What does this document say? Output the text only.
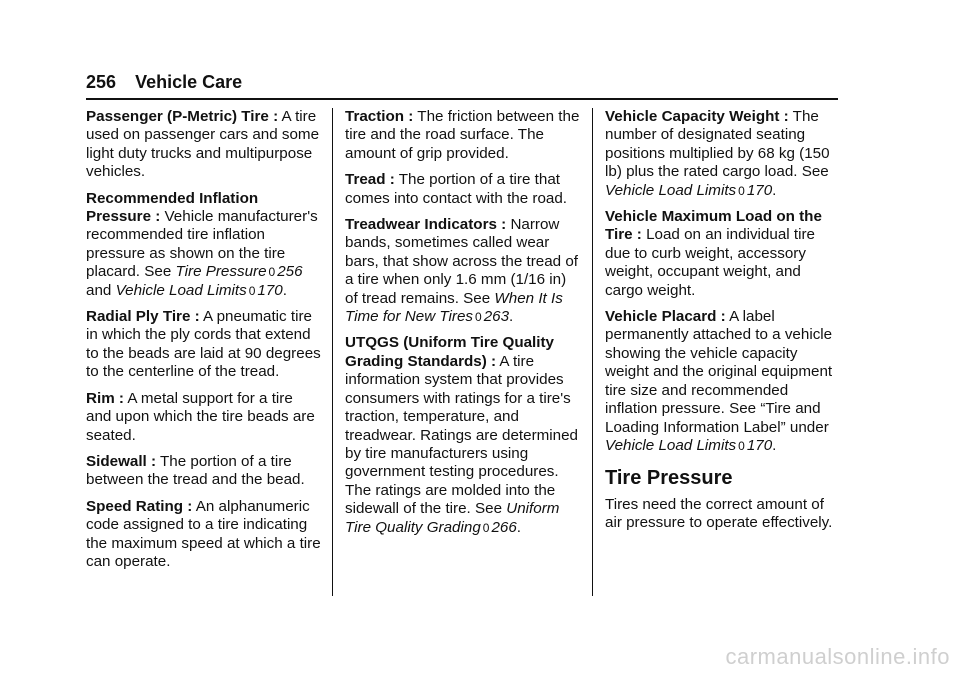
256 Vehicle Care

Passenger (P-Metric) Tire : A tire used on passenger cars and some light duty trucks and multipurpose vehicles.

Recommended Inflation Pressure : Vehicle manufacturer's recommended tire inflation pressure as shown on the tire placard. See Tire Pressure 0 256 and Vehicle Load Limits 0 170.

Radial Ply Tire : A pneumatic tire in which the ply cords that extend to the beads are laid at 90 degrees to the centerline of the tread.

Rim : A metal support for a tire and upon which the tire beads are seated.

Sidewall : The portion of a tire between the tread and the bead.

Speed Rating : An alphanumeric code assigned to a tire indicating the maximum speed at which a tire can operate.

Traction : The friction between the tire and the road surface. The amount of grip provided.

Tread : The portion of a tire that comes into contact with the road.

Treadwear Indicators : Narrow bands, sometimes called wear bars, that show across the tread of a tire when only 1.6 mm (1/16 in) of tread remains. See When It Is Time for New Tires 0 263.

UTQGS (Uniform Tire Quality Grading Standards) : A tire information system that provides consumers with ratings for a tire's traction, temperature, and treadwear. Ratings are determined by tire manufacturers using government testing procedures. The ratings are molded into the sidewall of the tire. See Uniform Tire Quality Grading 0 266.

Vehicle Capacity Weight : The number of designated seating positions multiplied by 68 kg (150 lb) plus the rated cargo load. See Vehicle Load Limits 0 170.

Vehicle Maximum Load on the Tire : Load on an individual tire due to curb weight, accessory weight, occupant weight, and cargo weight.

Vehicle Placard : A label permanently attached to a vehicle showing the vehicle capacity weight and the original equipment tire size and recommended inflation pressure. See “Tire and Loading Information Label” under Vehicle Load Limits 0 170.

Tire Pressure

Tires need the correct amount of air pressure to operate effectively.

carmanualsonline.info
